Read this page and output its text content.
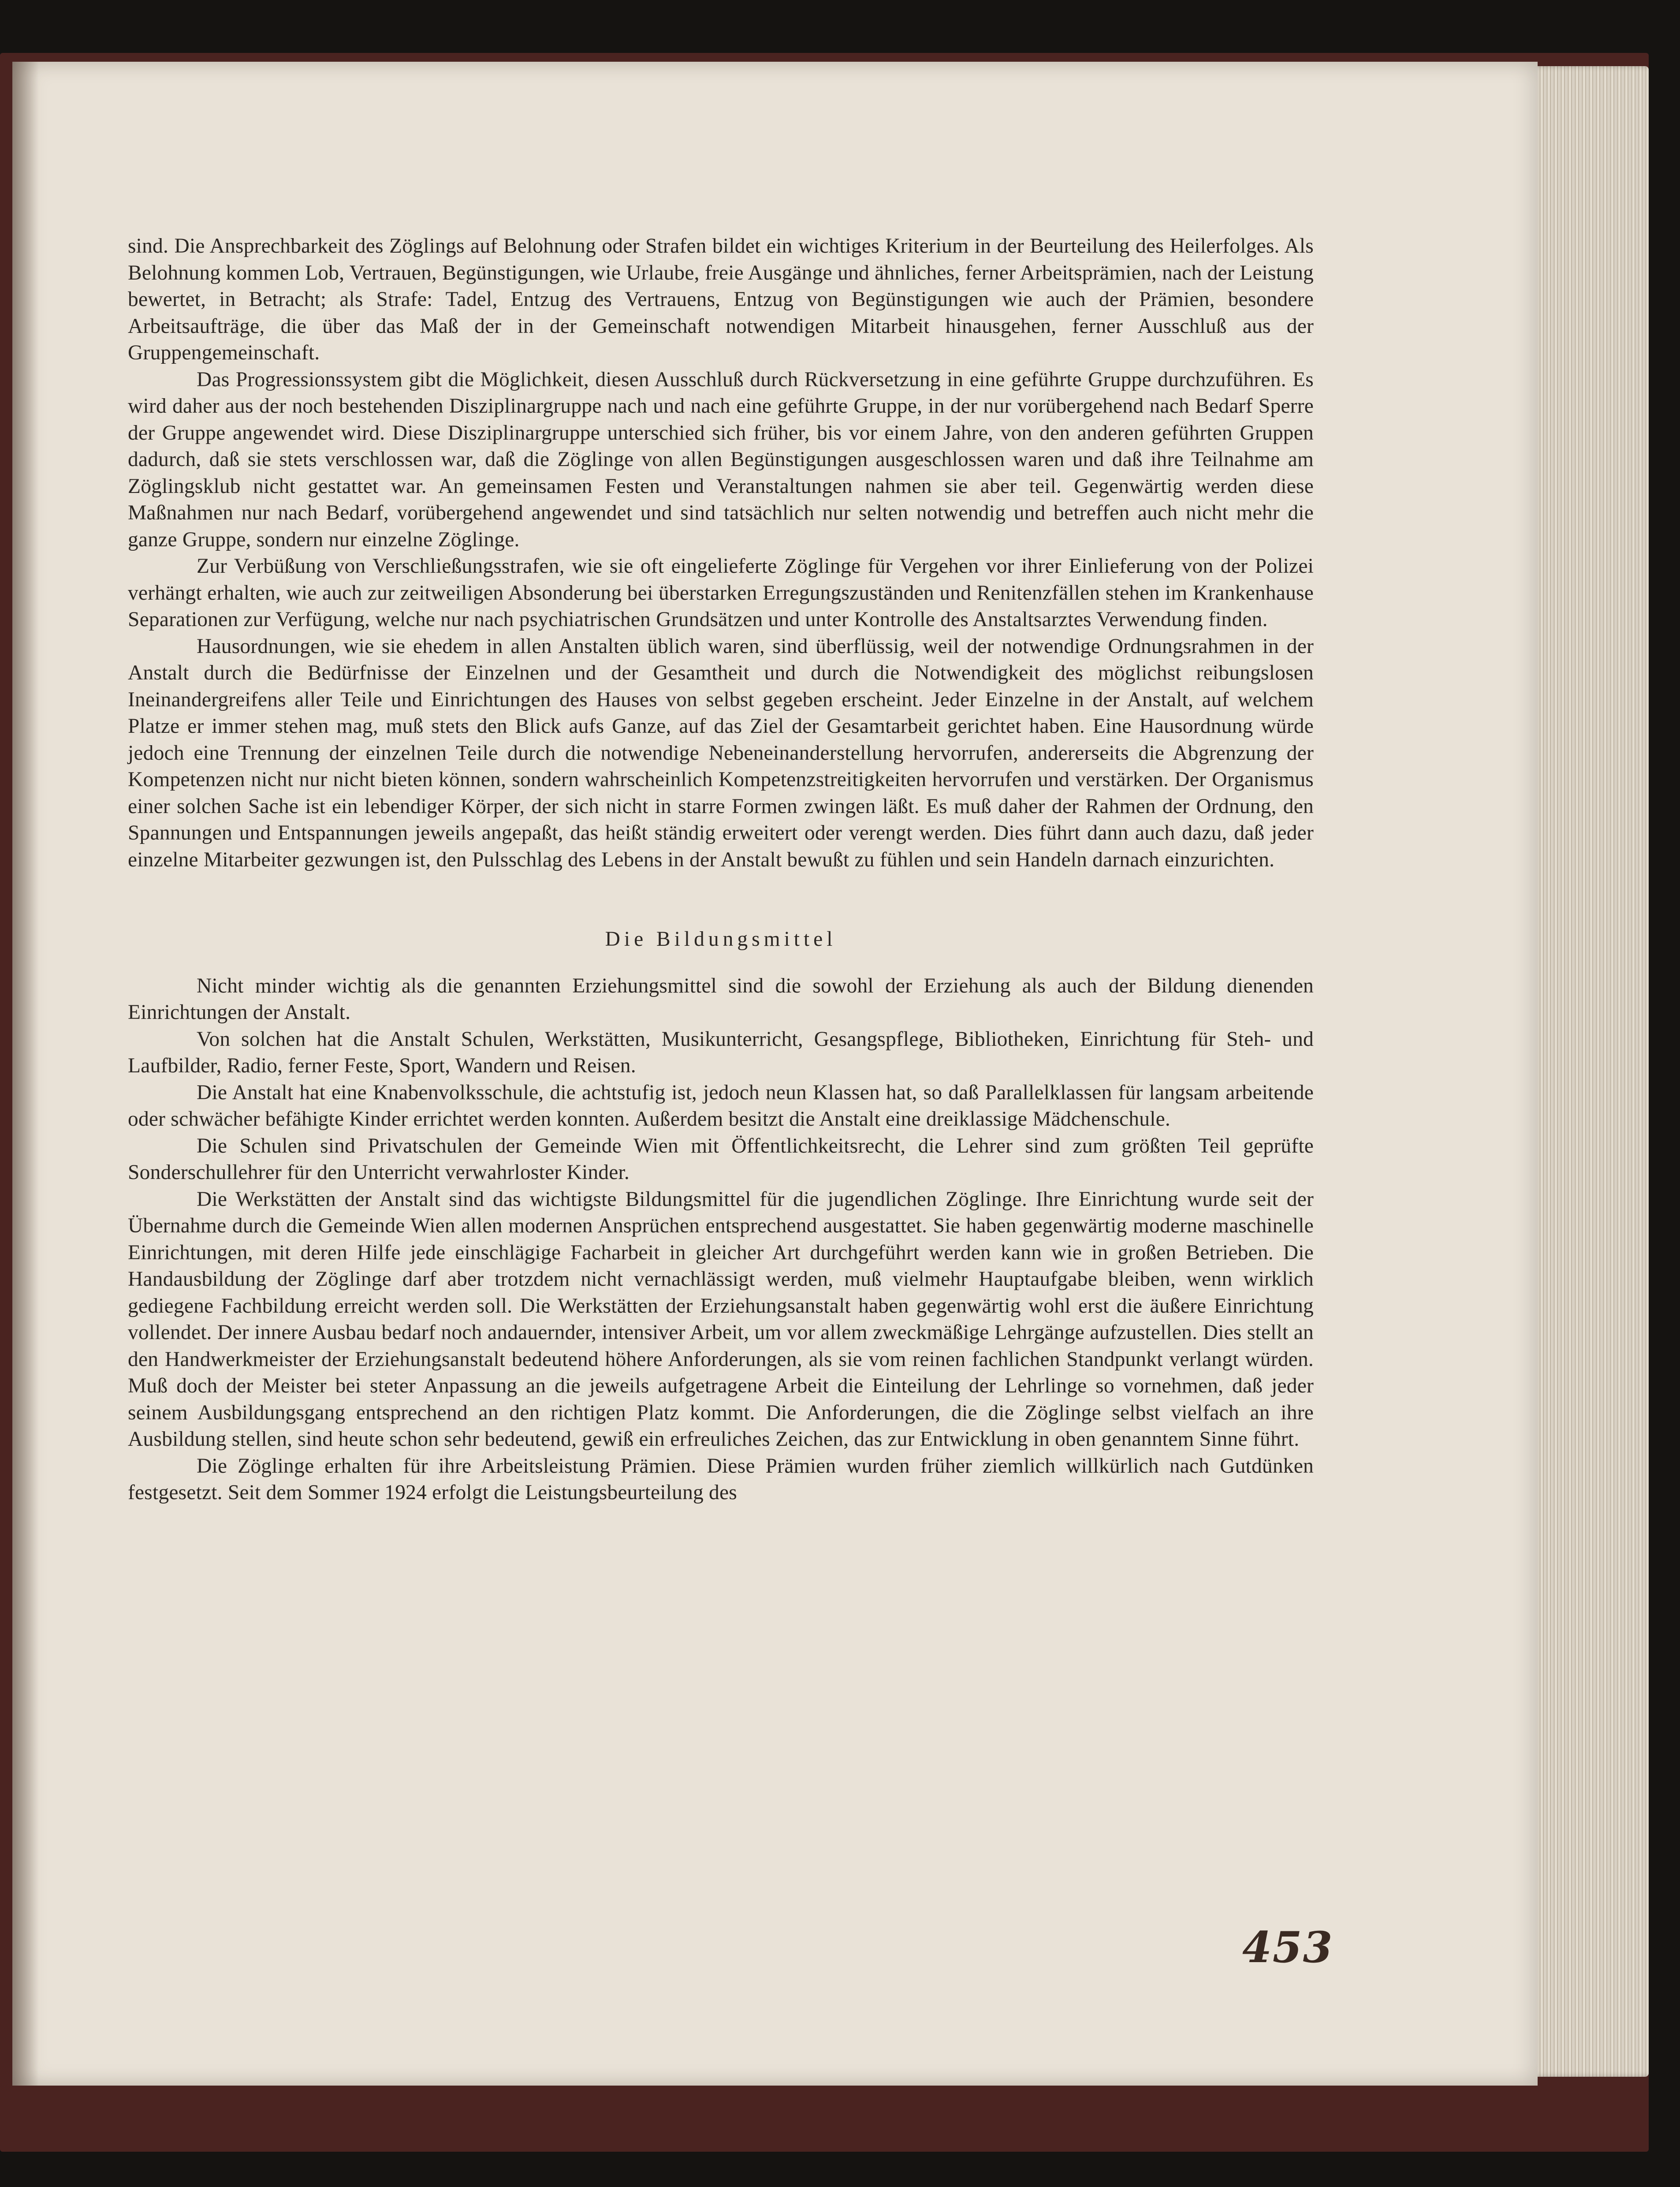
sind. Die Ansprechbarkeit des Zöglings auf Belohnung oder Strafen bildet ein wichtiges Kriterium in der Beurteilung des Heilerfolges. Als Belohnung kommen Lob, Vertrauen, Begünstigungen, wie Urlaube, freie Ausgänge und ähnliches, ferner Arbeitsprämien, nach der Leistung bewertet, in Betracht; als Strafe: Tadel, Entzug des Vertrauens, Entzug von Begünstigungen wie auch der Prämien, besondere Arbeitsaufträge, die über das Maß der in der Gemeinschaft notwendigen Mitarbeit hinausgehen, ferner Ausschluß aus der Gruppengemeinschaft.

Das Progressionssystem gibt die Möglichkeit, diesen Ausschluß durch Rückversetzung in eine geführte Gruppe durchzuführen. Es wird daher aus der noch bestehenden Disziplinargruppe nach und nach eine geführte Gruppe, in der nur vorübergehend nach Bedarf Sperre der Gruppe angewendet wird. Diese Disziplinargruppe unterschied sich früher, bis vor einem Jahre, von den anderen geführten Gruppen dadurch, daß sie stets verschlossen war, daß die Zöglinge von allen Begünstigungen ausgeschlossen waren und daß ihre Teilnahme am Zöglingsklub nicht gestattet war. An gemeinsamen Festen und Veranstaltungen nahmen sie aber teil. Gegenwärtig werden diese Maßnahmen nur nach Bedarf, vorübergehend angewendet und sind tatsächlich nur selten notwendig und betreffen auch nicht mehr die ganze Gruppe, sondern nur einzelne Zöglinge.

Zur Verbüßung von Verschließungsstrafen, wie sie oft eingelieferte Zöglinge für Vergehen vor ihrer Einlieferung von der Polizei verhängt erhalten, wie auch zur zeitweiligen Absonderung bei überstarken Erregungszuständen und Renitenzfällen stehen im Krankenhause Separationen zur Verfügung, welche nur nach psychiatrischen Grundsätzen und unter Kontrolle des Anstaltsarztes Verwendung finden.

Hausordnungen, wie sie ehedem in allen Anstalten üblich waren, sind überflüssig, weil der notwendige Ordnungsrahmen in der Anstalt durch die Bedürfnisse der Einzelnen und der Gesamtheit und durch die Notwendigkeit des möglichst reibungslosen Ineinandergreifens aller Teile und Einrichtungen des Hauses von selbst gegeben erscheint. Jeder Einzelne in der Anstalt, auf welchem Platze er immer stehen mag, muß stets den Blick aufs Ganze, auf das Ziel der Gesamtarbeit gerichtet haben. Eine Hausordnung würde jedoch eine Trennung der einzelnen Teile durch die notwendige Nebeneinanderstellung hervorrufen, andererseits die Abgrenzung der Kompetenzen nicht nur nicht bieten können, sondern wahrscheinlich Kompetenzstreitigkeiten hervorrufen und verstärken. Der Organismus einer solchen Sache ist ein lebendiger Körper, der sich nicht in starre Formen zwingen läßt. Es muß daher der Rahmen der Ordnung, den Spannungen und Entspannungen jeweils angepaßt, das heißt ständig erweitert oder verengt werden. Dies führt dann auch dazu, daß jeder einzelne Mitarbeiter gezwungen ist, den Pulsschlag des Lebens in der Anstalt bewußt zu fühlen und sein Handeln darnach einzurichten.

Die Bildungsmittel

Nicht minder wichtig als die genannten Erziehungsmittel sind die sowohl der Erziehung als auch der Bildung dienenden Einrichtungen der Anstalt.

Von solchen hat die Anstalt Schulen, Werkstätten, Musikunterricht, Gesangspflege, Bibliotheken, Einrichtung für Steh- und Laufbilder, Radio, ferner Feste, Sport, Wandern und Reisen.

Die Anstalt hat eine Knabenvolksschule, die achtstufig ist, jedoch neun Klassen hat, so daß Parallelklassen für langsam arbeitende oder schwächer befähigte Kinder errichtet werden konnten. Außerdem besitzt die Anstalt eine dreiklassige Mädchenschule.

Die Schulen sind Privatschulen der Gemeinde Wien mit Öffentlichkeitsrecht, die Lehrer sind zum größten Teil geprüfte Sonderschullehrer für den Unterricht verwahrloster Kinder.

Die Werkstätten der Anstalt sind das wichtigste Bildungsmittel für die jugendlichen Zöglinge. Ihre Einrichtung wurde seit der Übernahme durch die Gemeinde Wien allen modernen Ansprüchen entsprechend ausgestattet. Sie haben gegenwärtig moderne maschinelle Einrichtungen, mit deren Hilfe jede einschlägige Facharbeit in gleicher Art durchgeführt werden kann wie in großen Betrieben. Die Handausbildung der Zöglinge darf aber trotzdem nicht vernachlässigt werden, muß vielmehr Hauptaufgabe bleiben, wenn wirklich gediegene Fachbildung erreicht werden soll. Die Werkstätten der Erziehungsanstalt haben gegenwärtig wohl erst die äußere Einrichtung vollendet. Der innere Ausbau bedarf noch andauernder, intensiver Arbeit, um vor allem zweckmäßige Lehrgänge aufzustellen. Dies stellt an den Handwerkmeister der Erziehungsanstalt bedeutend höhere Anforderungen, als sie vom reinen fachlichen Standpunkt verlangt würden. Muß doch der Meister bei steter Anpassung an die jeweils aufgetragene Arbeit die Einteilung der Lehrlinge so vornehmen, daß jeder seinem Ausbildungsgang entsprechend an den richtigen Platz kommt. Die Anforderungen, die die Zöglinge selbst vielfach an ihre Ausbildung stellen, sind heute schon sehr bedeutend, gewiß ein erfreuliches Zeichen, das zur Entwicklung in oben genanntem Sinne führt.

Die Zöglinge erhalten für ihre Arbeitsleistung Prämien. Diese Prämien wurden früher ziemlich willkürlich nach Gutdünken festgesetzt. Seit dem Sommer 1924 erfolgt die Leistungsbeurteilung des

453
